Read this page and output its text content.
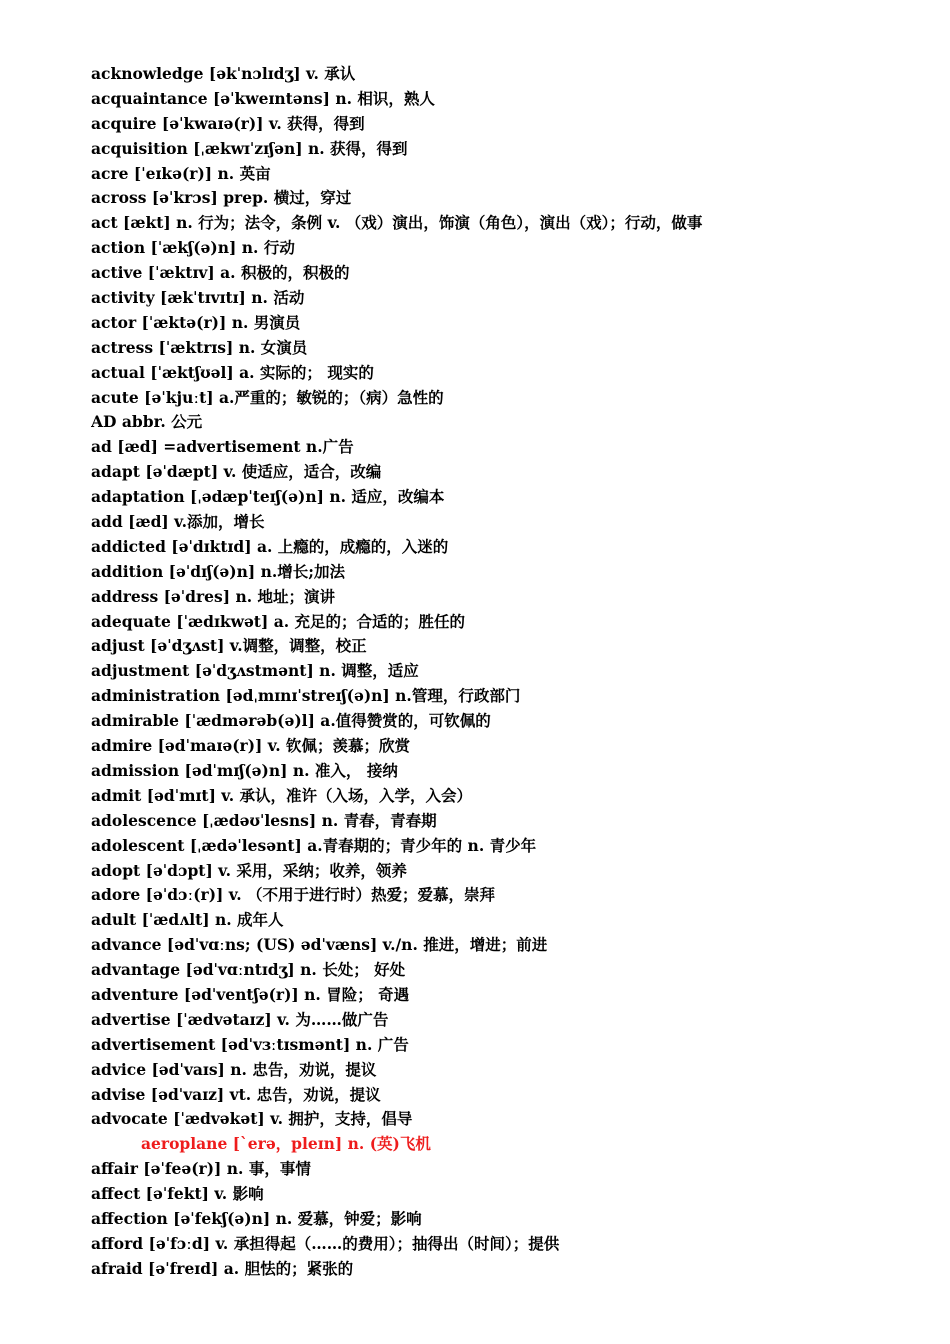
acknowledge [əkˈnɔlɪdʒ] v. 承认
acquaintance [əˈkweɪntəns] n. 相识，熟人
acquire [əˈkwaɪə(r)] v. 获得，得到
acquisition [ˌækwɪˈzɪʃən] n. 获得，得到
acre [ˈeɪkə(r)] n. 英亩
across [əˈkrɔs] prep. 横过，穿过
act [ækt] n. 行为；法令，条例 v. （戏）演出，饰演（角色），演出（戏）；行动，做事
action [ˈækʃ(ə)n] n. 行动
active [ˈæktɪv] a. 积极的，积极的
activity [ækˈtɪvɪtɪ] n. 活动
actor [ˈæktə(r)] n. 男演员
actress [ˈæktrɪs] n. 女演员
actual [ˈæktʃʊəl] a. 实际的； 现实的
acute [əˈkjuːt] a.严重的；敏锐的；（病）急性的
AD abbr. 公元
ad [æd] =advertisement n.广告
adapt [əˈdæpt] v. 使适应，适合，改编
adaptation [ˌədæpˈteɪʃ(ə)n] n. 适应，改编本
add [æd] v.添加，增长
addicted [əˈdɪktɪd] a. 上瘾的，成瘾的，入迷的
addition [əˈdɪʃ(ə)n] n.增长;加法
address [əˈdres] n. 地址；演讲
adequate [ˈædɪkwət] a. 充足的；合适的；胜任的
adjust [əˈdʒʌst] v.调整，调整，校正
adjustment [əˈdʒʌstmənt] n. 调整，适应
administration [ədˌmɪnɪˈstreɪʃ(ə)n] n.管理，行政部门
admirable [ˈædmərəb(ə)l] a.值得赞赏的，可钦佩的
admire [ədˈmaɪə(r)] v. 钦佩；羡慕；欣赏
admission [ədˈmɪʃ(ə)n] n. 准入， 接纳
admit [ədˈmɪt] v. 承认，准许（入场，入学，入会）
adolescence [ˌædəʊˈlesns] n. 青春，青春期
adolescent [ˌædəˈlesənt] a.青春期的；青少年的 n. 青少年
adopt [əˈdɔpt] v. 采用，采纳；收养，领养
adore [əˈdɔː(r)] v. （不用于进行时）热爱；爱慕，崇拜
adult [ˈædʌlt] n. 成年人
advance [ədˈvɑːns; (US) ədˈvæns] v./n. 推进，增进；前进
advantage [ədˈvɑːntɪdʒ] n. 长处； 好处
adventure [ədˈventʃə(r)] n. 冒险； 奇遇
advertise [ˈædvətaɪz] v. 为……做广告
advertisement [ədˈvɜːtɪsmənt] n. 广告
advice [ədˈvaɪs] n. 忠告，劝说，提议
advise [ədˈvaɪz] vt. 忠告，劝说，提议
advocate [ˈædvəkət] v. 拥护，支持，倡导
aeroplane [`erə，pleɪn] n. (英)飞机
affair [əˈfeə(r)] n. 事，事情
affect [əˈfekt] v. 影响
affection [əˈfekʃ(ə)n] n. 爱慕，钟爱；影响
afford [əˈfɔːd] v. 承担得起（……的费用）；抽得出（时间）；提供
afraid [əˈfreɪd] a. 胆怯的；紧张的
